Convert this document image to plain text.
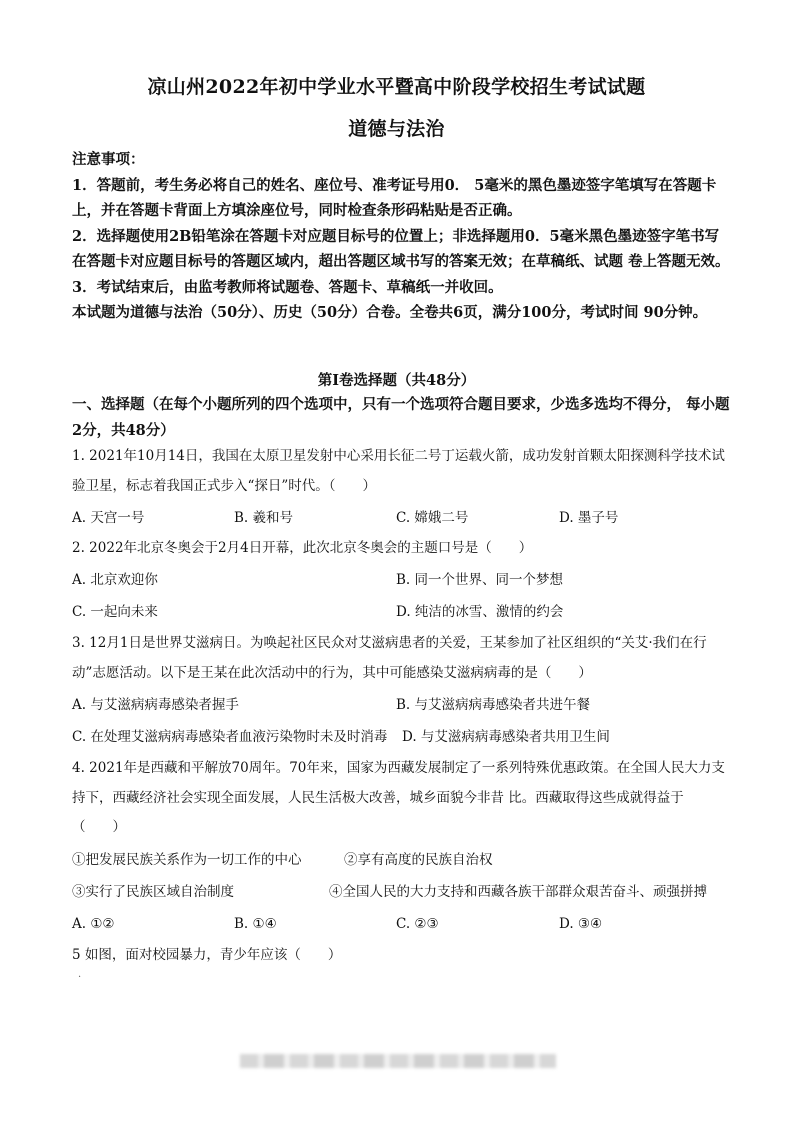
凉山州2022年初中学业水平暨高中阶段学校招生考试试题
道德与法治
注意事项：
1．答题前，考生务必将自己的姓名、座位号、准考证号用0． 5毫米的黑色墨迹签字笔填写在答题卡上，并在答题卡背面上方填涂座位号，同时检查条形码粘贴是否正确。
2．选择题使用2B铅笔涂在答题卡对应题目标号的位置上；非选择题用0．5毫米黑色墨迹签字笔书写在答题卡对应题目标号的答题区域内，超出答题区域书写的答案无效；在草稿纸、试题 卷上答题无效。
3．考试结束后，由监考教师将试题卷、答题卡、草稿纸一并收回。
本试题为道德与法治（50分）、历史（50分）合卷。全卷共6页，满分100分，考试时间 90分钟。
第I卷选择题（共48分）
一、选择题（在每个小题所列的四个选项中，只有一个选项符合题目要求，少选多选均不得分， 每小题2分，共48分）
1. 2021年10月14日，我国在太原卫星发射中心采用长征二号丁运载火箭，成功发射首颗太阳探测科学技术试验卫星，标志着我国正式步入“探日”时代。（　　）
A. 天宫一号	B. 羲和号	C. 嫦娥二号	D. 墨子号
2. 2022年北京冬奥会于2月4日开幕，此次北京冬奥会的主题口号是（　　）
A. 北京欢迎你	B. 同一个世界、同一个梦想
C. 一起向未来	D. 纯洁的冰雪、激情的约会
3. 12月1日是世界艾滋病日。为唤起社区民众对艾滋病患者的关爱，王某参加了社区组织的“关艾·我们在行动”志愿活动。以下是王某在此次活动中的行为，其中可能感染艾滋病病毒的是（　　）
A. 与艾滋病病毒感染者握手	B. 与艾滋病病毒感染者共进午餐
C. 在处理艾滋病病毒感染者血液污染物时未及时消毒 D. 与艾滋病病毒感染者共用卫生间
4. 2021年是西藏和平解放70周年。70年来，国家为西藏发展制定了一系列特殊优惠政策。在全国人民大力支持下，西藏经济社会实现全面发展，人民生活极大改善，城乡面貌今非昔 比。西藏取得这些成就得益于（　　）
①把发展民族关系作为一切工作的中心	②享有高度的民族自治权
③实行了民族区域自治制度	④全国人民的大力支持和西藏各族干部群众艰苦奋斗、顽强拼搏
A. ①②	B. ①④	C. ②③	D. ③④
5 如图，面对校园暴力，青少年应该（　　）
·
